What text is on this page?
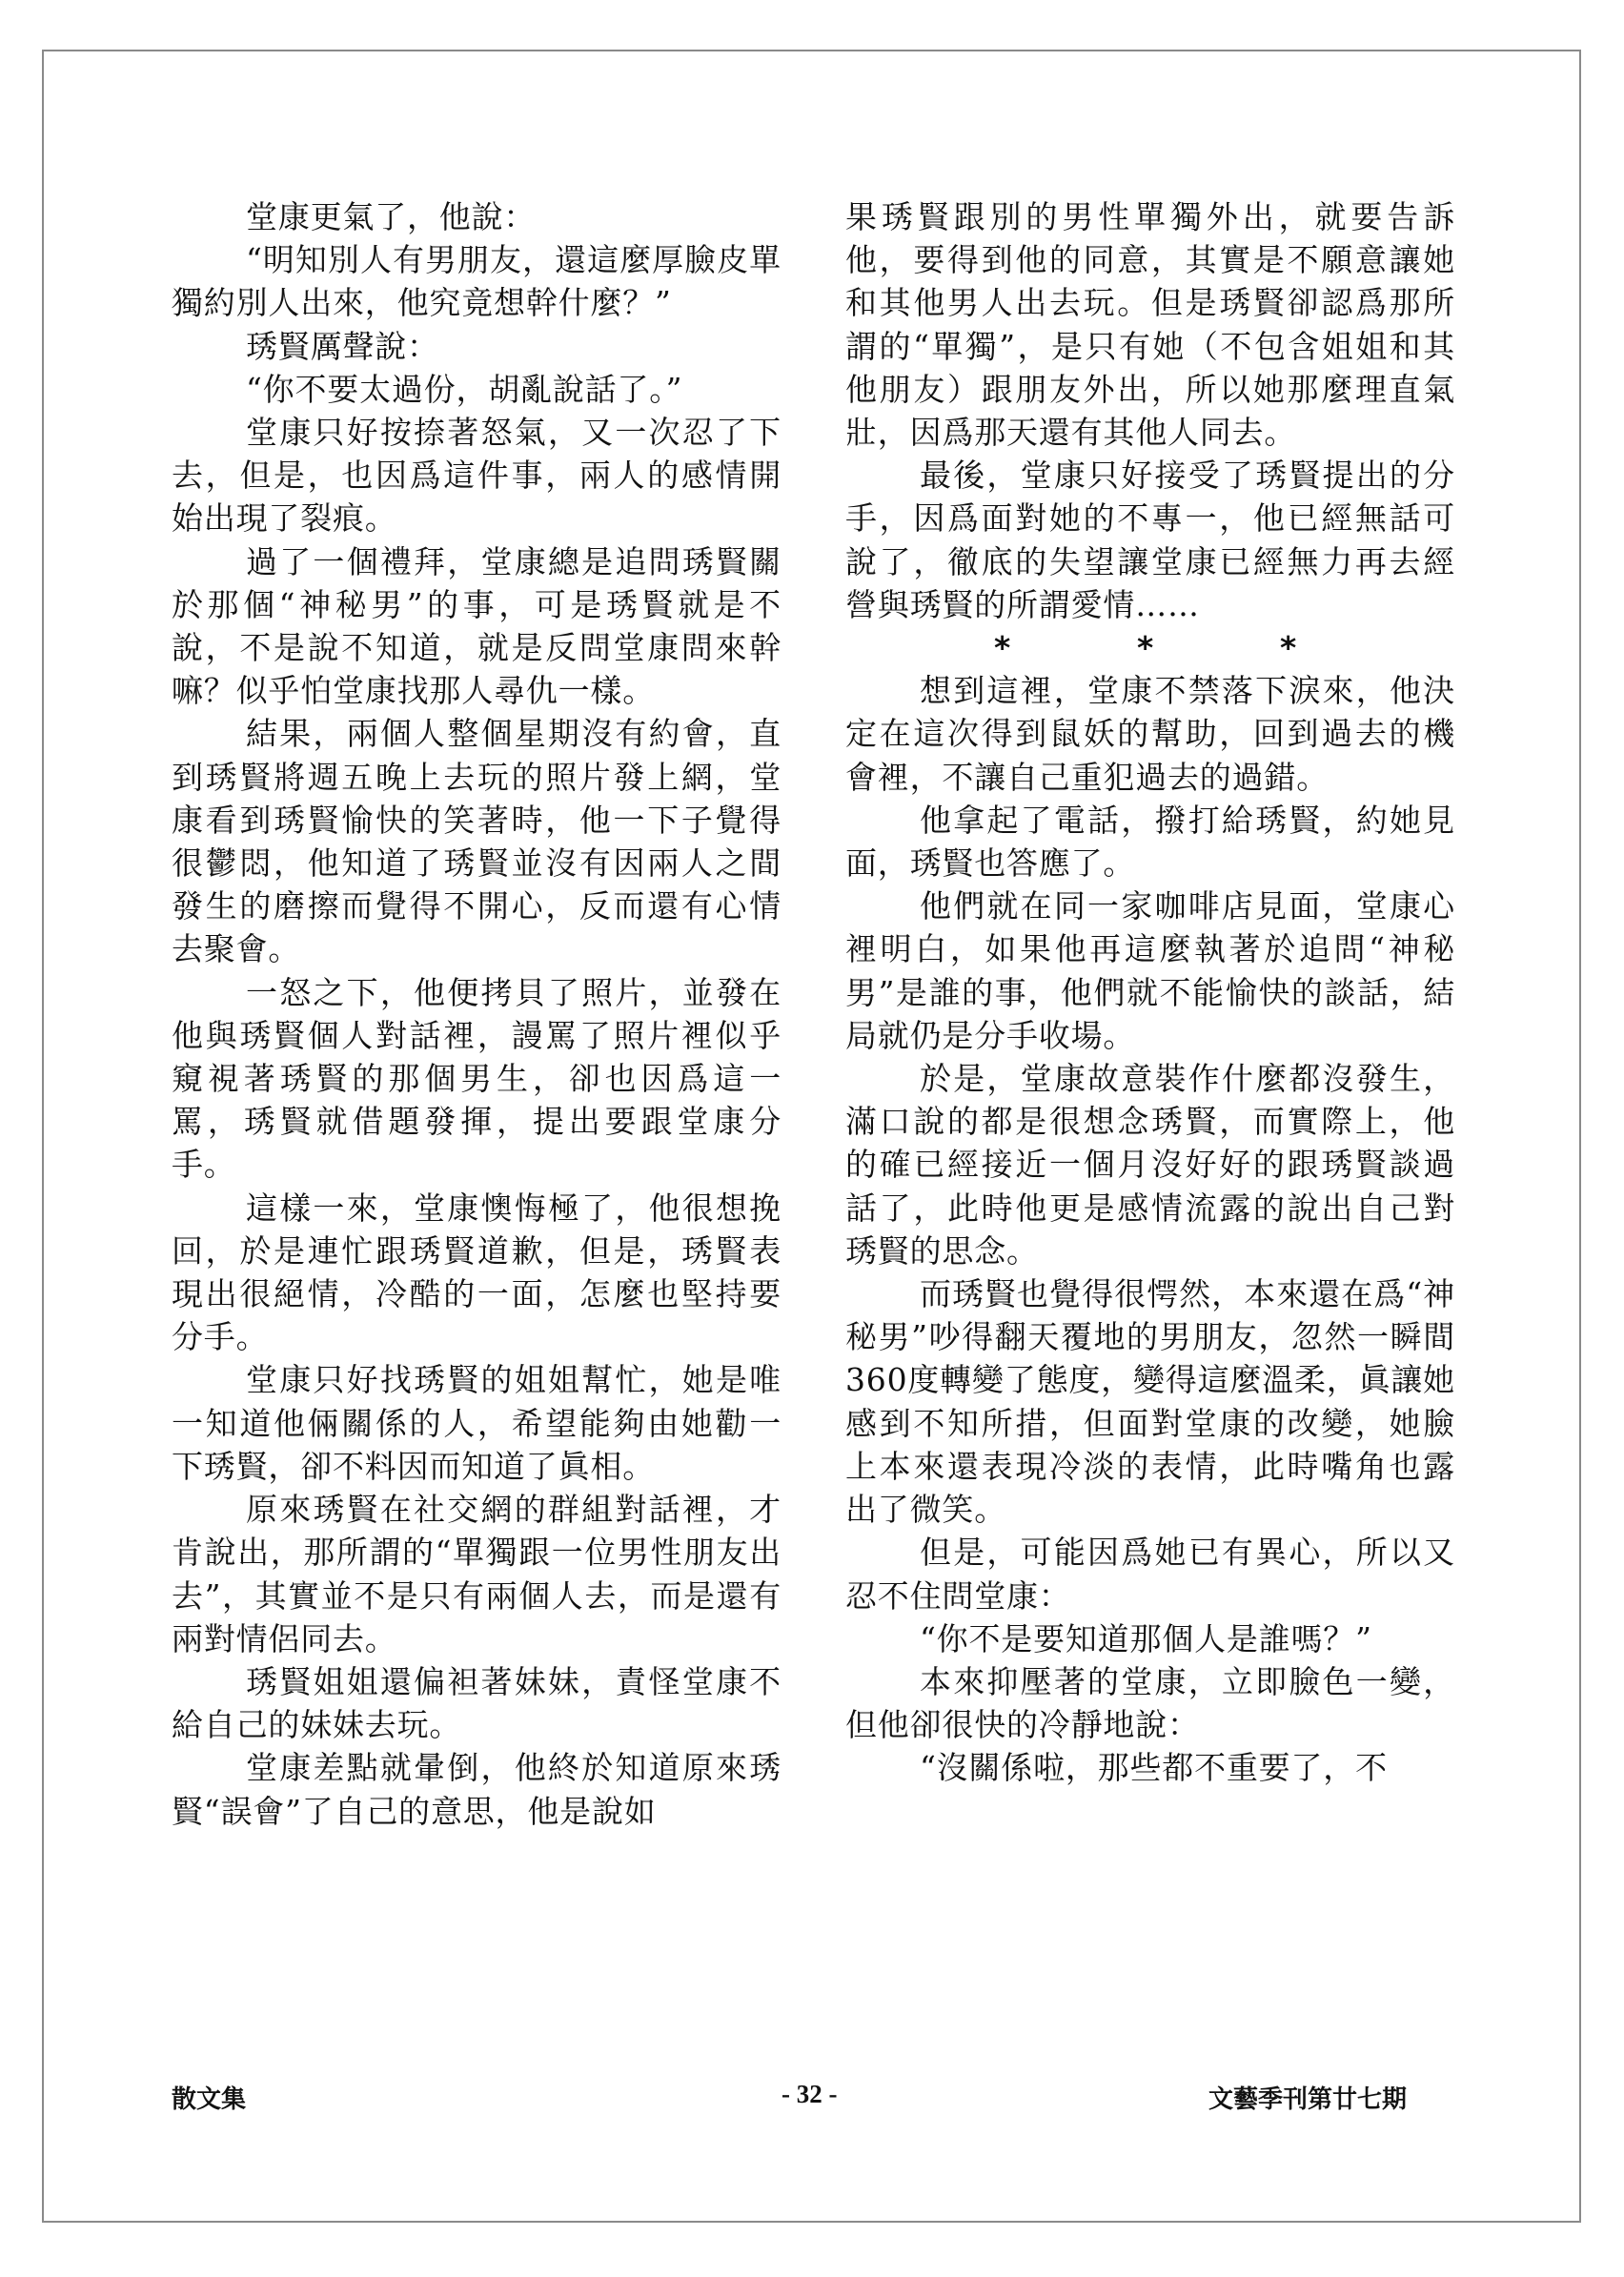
堂康更氣了，他說：

“明知別人有男朋友，還這麼厚臉皮單獨約別人出來，他究竟想幹什麼？”

琇賢厲聲說：

“你不要太過份，胡亂說話了。”

堂康只好按捺著怒氣，又一次忍了下去，但是，也因爲這件事，兩人的感情開始出現了裂痕。

過了一個禮拜，堂康總是追問琇賢關於那個“神秘男”的事，可是琇賢就是不說，不是說不知道，就是反問堂康問來幹嘛？似乎怕堂康找那人尋仇一樣。

結果，兩個人整個星期沒有約會，直到琇賢將週五晚上去玩的照片發上網，堂康看到琇賢愉快的笑著時，他一下子覺得很鬱悶，他知道了琇賢並沒有因兩人之間發生的磨擦而覺得不開心，反而還有心情去聚會。

一怒之下，他便拷貝了照片，並發在他與琇賢個人對話裡，謾罵了照片裡似乎窺視著琇賢的那個男生，卻也因爲這一罵，琇賢就借題發揮，提出要跟堂康分手。

這樣一來，堂康懊悔極了，他很想挽回，於是連忙跟琇賢道歉，但是，琇賢表現出很絕情，冷酷的一面，怎麼也堅持要分手。

堂康只好找琇賢的姐姐幫忙，她是唯一知道他倆關係的人，希望能夠由她勸一下琇賢，卻不料因而知道了眞相。

原來琇賢在社交網的群組對話裡，才肯說出，那所謂的“單獨跟一位男性朋友出去”，其實並不是只有兩個人去，而是還有兩對情侶同去。

琇賢姐姐還偏袒著妹妹，責怪堂康不給自己的妹妹去玩。

堂康差點就暈倒，他終於知道原來琇賢“誤會”了自己的意思，他是說如

果琇賢跟別的男性單獨外出，就要告訴他，要得到他的同意，其實是不願意讓她和其他男人出去玩。但是琇賢卻認爲那所謂的“單獨”，是只有她（不包含姐姐和其他朋友）跟朋友外出，所以她那麼理直氣壯，因爲那天還有其他人同去。

最後，堂康只好接受了琇賢提出的分手，因爲面對她的不專一，他已經無話可說了，徹底的失望讓堂康已經無力再去經營與琇賢的所謂愛情……

*	*	*

想到這裡，堂康不禁落下淚來，他決定在這次得到鼠妖的幫助，回到過去的機會裡，不讓自己重犯過去的過錯。

他拿起了電話，撥打給琇賢，約她見面，琇賢也答應了。

他們就在同一家咖啡店見面，堂康心裡明白，如果他再這麼執著於追問“神秘男”是誰的事，他們就不能愉快的談話，結局就仍是分手收場。

於是，堂康故意裝作什麼都沒發生，滿口說的都是很想念琇賢，而實際上，他的確已經接近一個月沒好好的跟琇賢談過話了，此時他更是感情流露的說出自己對琇賢的思念。

而琇賢也覺得很愕然，本來還在爲“神秘男”吵得翻天覆地的男朋友，忽然一瞬間360度轉變了態度，變得這麼溫柔，眞讓她感到不知所措，但面對堂康的改變，她臉上本來還表現冷淡的表情，此時嘴角也露出了微笑。

但是，可能因爲她已有異心，所以又忍不住問堂康：

“你不是要知道那個人是誰嗎？”

本來抑壓著的堂康，立即臉色一變，但他卻很快的冷靜地說：

“沒關係啦，那些都不重要了，不

散文集	- 32 -	文藝季刊第廿七期
